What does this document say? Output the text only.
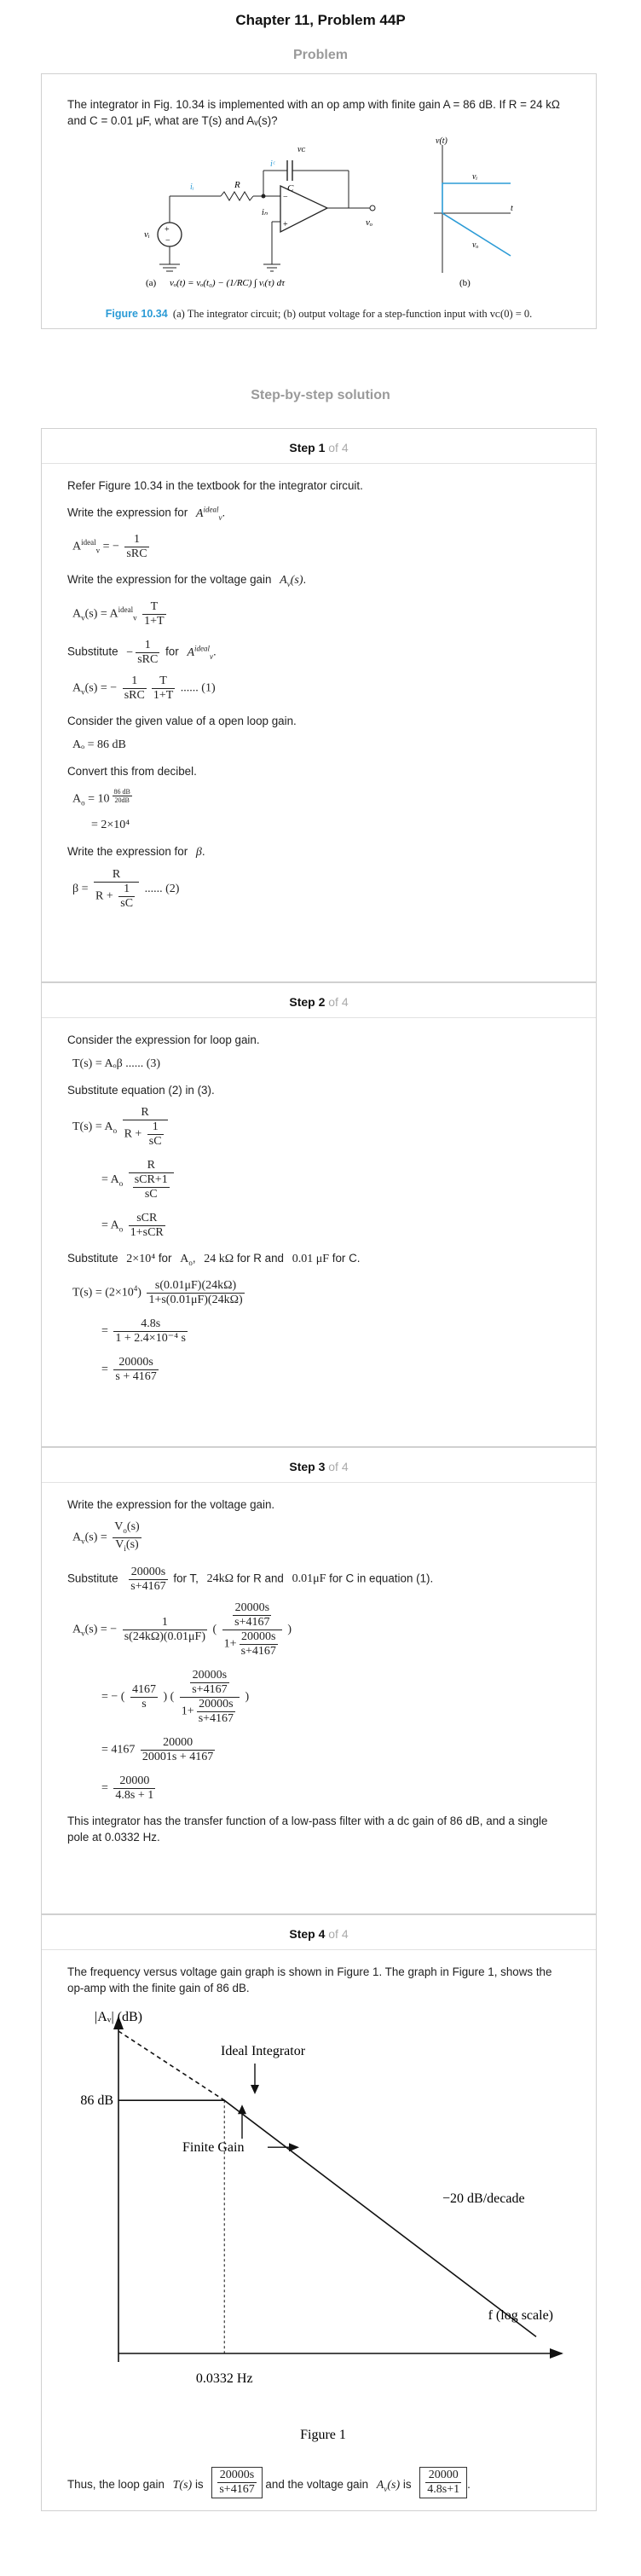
Chapter 11, Problem 44P
Problem
The integrator in Fig. 10.34 is implemented with an op amp with finite gain A = 86 dB. If R = 24 kΩ and C = 0.01 μF, what are T(s) and Aᵥ(s)?
+
−
−
+
vᵢ
iᵢ	R	C
iᶜ
vᴄ
vₒ
iₙ
(a) vₒ(t) = vₒ(t₀) − (1/RC) ∫ vᵢ(τ) dτ
v(t)
t
vᵢ
vₒ
(b)
Figure 10.34 (a) The integrator circuit; (b) output voltage for a step-function input with vᴄ(0) = 0.
Step-by-step solution
Step 1 of 4
Refer Figure 10.34 in the textbook for the integrator circuit.
Write the expression for $A^{ideal}_v$.
$A^{ideal}_v$ = − $\frac{1}{\text{sRC}}$
Write the expression for the voltage gain $A_v(s)$.
$A_v(s) = A^{ideal}_v \frac{T}{1+T}$
Substitute − $\frac{1}{\text{sRC}}$ for $A^{ideal}_v$.
$A_v(s)$ = − $\frac{1}{\text{sRC}} \frac{T}{1+T}$ ...... (1)
Consider the given value of a open loop gain.
Aₒ = 86 dB
Convert this from decibel.
$A_o = 10$ $^{\frac{86 dB}{20dB}}$
= 2×10⁴
Write the expression for β.
$\beta = \frac{R}{R + \frac{1}{sC}}$ ...... (2)
Step 2 of 4
Consider the expression for loop gain.
T(s) = Aₒβ ...... (3)
Substitute equation (2) in (3).
$T(s) = A_o \frac{R}{R + \frac{1}{sC}}$
= $A_o \frac{R}{\frac{\text{sCR+1}}{sC}}$
= $A_o \frac{\text{sCR}}{\text{1+sCR}}$
Substitute 2×10⁴ for $A_o$, 24 kΩ for R and 0.01 μF for C.
$T(s) = (2\times 10^4) \frac{s(0.01\mu F)(24k\Omega)}{1+s(0.01\mu F)(24k\Omega)}$
= $\frac{4.8s}{\text{1 + 2.4×10⁻⁴ s}}$
= $\frac{20000s}{s + 4167}$
Step 3 of 4
Write the expression for the voltage gain.
$A_v(s) = \frac{V_o(s)}{V_i(s)}$
Substitute $\frac{20000s}{s+4167}$ for T, 24kΩ for R and 0.01μF for C in equation (1).
$A_v(s)$ = − $\frac{1}{s(24k\Omega)(0.01\mu F)}$ ( $\frac{\frac{20000s}{s+4167}}{1+ \frac{20000s}{s+4167}}$ )
= − ( $\frac{4167}{s}$ ) ( $\frac{\frac{20000s}{s+4167}}{1+ \frac{20000s}{s+4167}}$ )
= $4167 \frac{20000}{20001s + 4167}$
= $\frac{20000}{4.8s + 1}$
This integrator has the transfer function of a low-pass filter with a dc gain of 86 dB, and a single pole at 0.0332 Hz.
Step 4 of 4
The frequency versus voltage gain graph is shown in Figure 1. The graph in Figure 1, shows the op-amp with the finite gain of 86 dB.
|Aᵥ| (dB)
86 dB
0.0332 Hz
f (log scale)
Ideal Integrator
Finite Gain
−20 dB/decade
Figure 1
Thus, the loop gain T(s) is $\frac{20000s}{s+4167}$ and the voltage gain $A_v(s)$ is $\frac{20000}{4.8s+1}$ .
